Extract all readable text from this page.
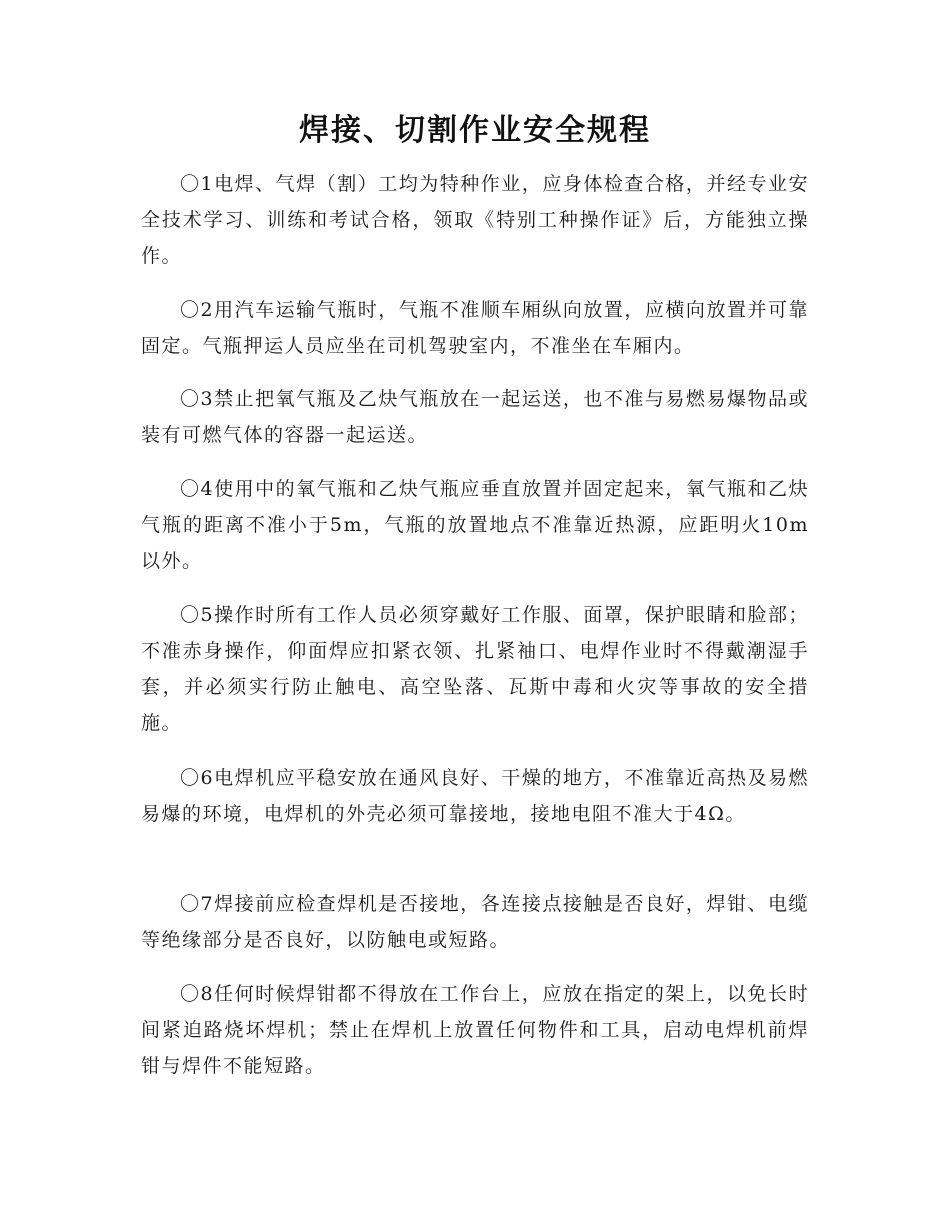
焊接、切割作业安全规程

〇1电焊、气焊（割）工均为特种作业，应身体检查合格，并经专业安全技术学习、训练和考试合格，领取《特别工种操作证》后，方能独立操作。

〇2用汽车运输气瓶时，气瓶不准顺车厢纵向放置，应横向放置并可靠固定。气瓶押运人员应坐在司机驾驶室内，不准坐在车厢内。

〇3禁止把氧气瓶及乙炔气瓶放在一起运送，也不准与易燃易爆物品或装有可燃气体的容器一起运送。

〇4使用中的氧气瓶和乙炔气瓶应垂直放置并固定起来，氧气瓶和乙炔气瓶的距离不准小于5m，气瓶的放置地点不准靠近热源，应距明火10m以外。

〇5操作时所有工作人员必须穿戴好工作服、面罩，保护眼睛和脸部；不准赤身操作，仰面焊应扣紧衣领、扎紧袖口、电焊作业时不得戴潮湿手套，并必须实行防止触电、高空坠落、瓦斯中毒和火灾等事故的安全措施。

〇6电焊机应平稳安放在通风良好、干燥的地方，不准靠近高热及易燃易爆的环境，电焊机的外壳必须可靠接地，接地电阻不准大于4Ω。

〇7焊接前应检查焊机是否接地，各连接点接触是否良好，焊钳、电缆等绝缘部分是否良好，以防触电或短路。

〇8任何时候焊钳都不得放在工作台上，应放在指定的架上，以免长时间紧迫路烧坏焊机；禁止在焊机上放置任何物件和工具，启动电焊机前焊钳与焊件不能短路。
